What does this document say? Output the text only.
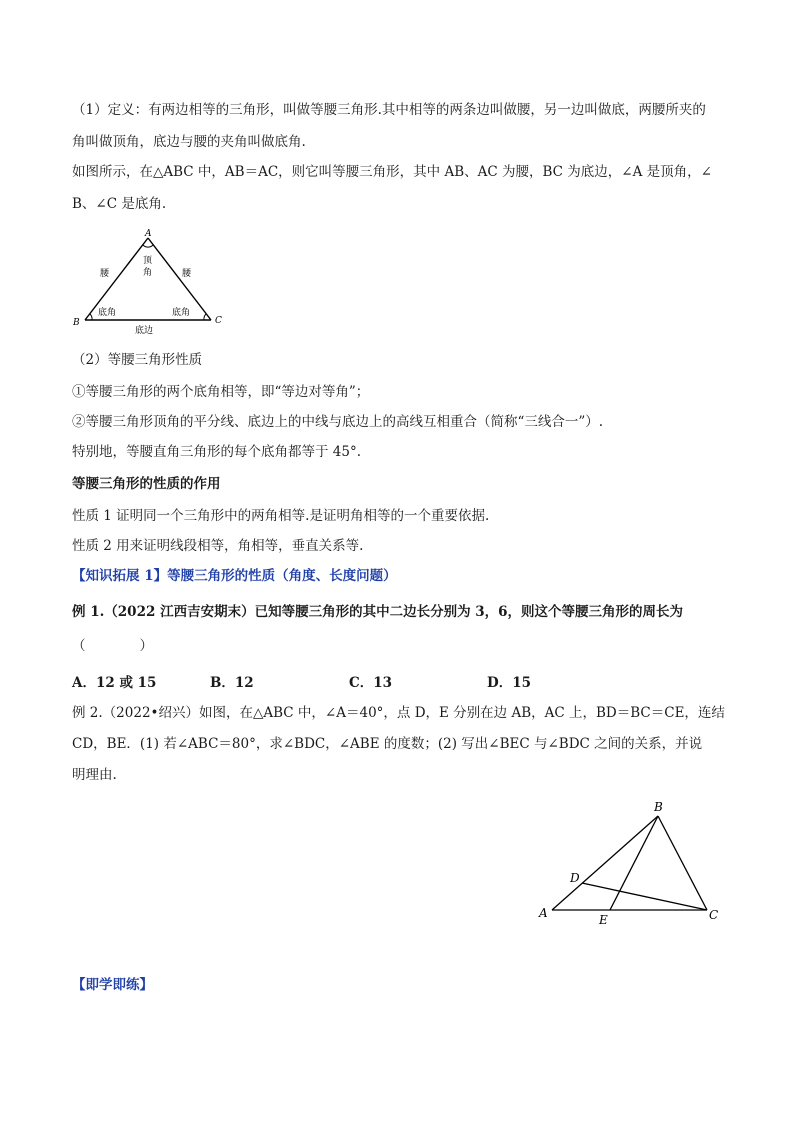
（1）定义：有两边相等的三角形，叫做等腰三角形.其中相等的两条边叫做腰，另一边叫做底，两腰所夹的
角叫做顶角，底边与腰的夹角叫做底角.
如图所示，在△ABC 中，AB＝AC，则它叫等腰三角形，其中 AB、AC 为腰，BC 为底边，∠A 是顶角，∠
B、∠C 是底角.
A
B	C
顶
角
腰	腰
底角	底角
底边
（2）等腰三角形性质
①等腰三角形的两个底角相等，即“等边对等角”；
②等腰三角形顶角的平分线、底边上的中线与底边上的高线互相重合（简称“三线合一”）.
特别地，等腰直角三角形的每个底角都等于 45°.
等腰三角形的性质的作用
性质 1 证明同一个三角形中的两角相等.是证明角相等的一个重要依据.
性质 2 用来证明线段相等，角相等，垂直关系等.
【知识拓展 1】等腰三角形的性质（角度、长度问题）
例 1.（2022 江西吉安期末）已知等腰三角形的其中二边长分别为 3，6，则这个等腰三角形的周长为
（　　　　）
A．12 或 15	B．12	C．13	D．15
例 2.（2022•绍兴）如图，在△ABC 中，∠A＝40°，点 D，E 分别在边 AB，AC 上，BD＝BC＝CE，连结
CD，BE．(1) 若∠ABC＝80°，求∠BDC，∠ABE 的度数；(2) 写出∠BEC 与∠BDC 之间的关系，并说
明理由.
B
A	C
D
E
【即学即练】
